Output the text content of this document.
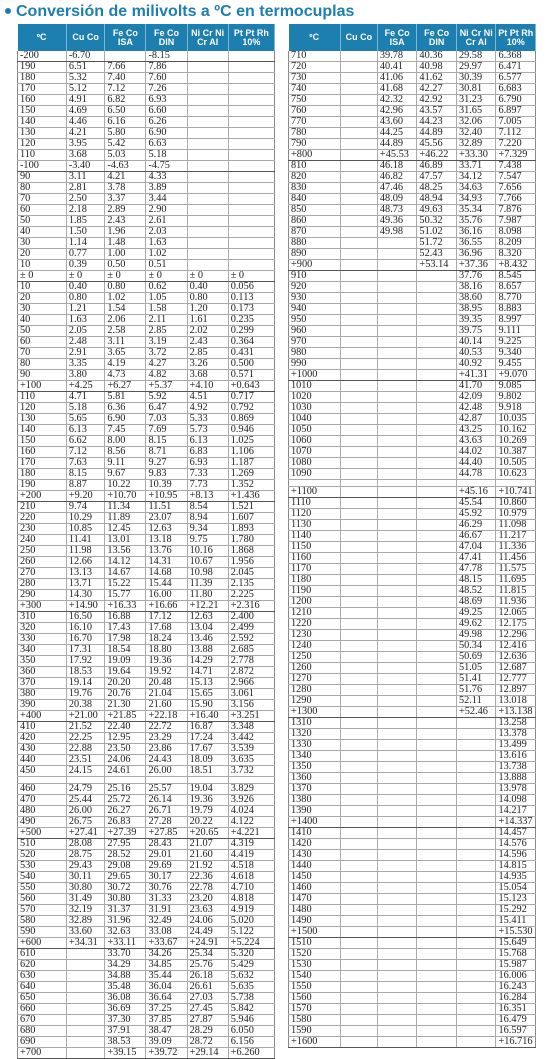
Conversión de milivolts a ºC en termocuplas
ºC	Cu Co	Fe Co ISA	Fe Co DIN	Ni Cr Ni Cr Al	Pt Pt Rh 10%
-200	-6.70		-8.15		
190	6.51	7.66	7.86		
180	5.32	7.40	7.60		
170	5.12	7.12	7.26		
160	4.91	6.82	6.93		
150	4.69	6.50	6.60		
140	4.46	6.16	6.26		
130	4.21	5.80	6.90		
120	3.95	5.42	6.63		
110	3.68	5.03	5.18		
-100	-3.40	-4.63	-4.75		
90	3.11	4.21	4.33		
80	2.81	3.78	3.89		
70	2.50	3.37	3.44		
60	2.18	2.89	2.90		
50	1.85	2.43	2.61		
40	1.50	1.96	2.03		
30	1.14	1.48	1.63		
20	0.77	1.00	1.02		
10	0.39	0.50	0.51		
± 0	± 0	± 0	± 0	± 0	± 0
10	0.40	0.80	0.62	0.40	0.056
20	0.80	1.02	1.05	0.80	0.113
30	1.21	1.54	1.58	1.20	0.173
40	1.63	2.06	2.11	1.61	0.235
50	2.05	2.58	2.85	2.02	0.299
60	2.48	3.11	3.19	2.43	0.364
70	2.91	3.65	3.72	2.85	0.431
80	3.35	4.19	4.27	3.26	0.500
90	3.80	4.73	4.82	3.68	0.571
+100	+4.25	+6.27	+5.37	+4.10	+0.643
110	4.71	5.81	5.92	4.51	0.717
120	5.18	6.36	6.47	4.92	0.792
130	5.65	6.90	7.03	5.33	0.869
140	6.13	7.45	7.69	5.73	0.946
150	6.62	8.00	8.15	6.13	1.025
160	7.12	8.56	8.71	6.83	1.106
170	7.63	9.11	9.27	6.93	1.187
180	8.15	9.67	9.83	7.33	1.269
190	8.87	10.22	10.39	7.73	1.352
+200	+9.20	+10.70	+10.95	+8.13	+1.436
210	9.74	11.34	11.51	8.54	1.521
220	10.29	11.89	23.07	8.94	1.607
230	10.85	12.45	12.63	9.34	1.893
240	11.41	13.01	13.18	9.75	1.780
250	11.98	13.56	13.76	10.16	1.868
260	12.66	14.12	14.31	10.67	1.956
270	13.13	14.67	14.68	10.98	2.045
280	13.71	15.22	15.44	11.39	2.135
290	14.30	15.77	16.00	11.80	2.225
+300	+14.90	+16.33	+16.66	+12.21	+2.316
310	16.50	16.88	17.12	12.63	2.400
320	16.10	17.43	17.68	13.04	2.499
330	16.70	17.98	18.24	13.46	2.592
340	17.31	18.54	18.80	13.88	2.685
350	17.92	19.09	19.36	14.29	2.778
360	18.53	19.64	19.92	14.71	2.872
370	19.14	20.20	20.48	15.13	2.966
380	19.76	20.76	21.04	15.65	3.061
390	20.38	21.30	21.60	15.90	3.156
+400	+21.00	+21.85	+22.18	+16.40	+3.251
410	21.52	22.40	22.72	16.87	3.348
420	22.25	12.95	23.29	17.24	3.442
430	22.88	23.50	23.86	17.67	3.539
440	23.51	24.06	24.43	18.09	3.635
450	24.15	24.61	26.00	18.51	3.732

460	24.79	25.16	25.57	19.04	3.829
470	25.44	25.72	26.14	19.36	3.926
480	26.00	26.27	26.71	19.79	4.024
490	26.75	26.83	27.28	20.22	4.122
+500	+27.41	+27.39	+27.85	+20.65	+4.221
510	28.08	27.95	28.43	21.07	4.319
520	28.75	28.52	29.01	21.60	4.419
530	29.43	29.08	29.69	21.92	4.518
540	30.11	29.65	30.17	22.36	4.618
550	30.80	30.72	30.76	22.78	4.710
560	31.49	30.80	31.33	23.20	4.818
570	32.19	31.37	31.91	23.63	4.919
580	32.89	31.96	32.49	24.06	5.020
590	33.60	32.63	33.08	24.49	5.122
+600	+34.31	+33.11	+33.67	+24.91	+5.224
610		33.70	34.26	25.34	5.320
620		34.29	34.85	25.76	5.429
630		34.88	35.44	26.18	5.632
640		35.48	36.04	26.61	5.635
650		36.08	36.64	27.03	5.738
660		36.69	37.25	27.45	5.842
670		37.30	37.85	27.87	5.946
680		37.91	38.47	28.29	6.050
690		38.53	39.09	28.72	6.156
+700		+39.15	+39.72	+29.14	+6.260
ºC	Cu Co	Fe Co ISA	Fe Co DIN	Ni Cr Ni Cr Al	Pt Pt Rh 10%
710		39.78	40.36	29.58	6.368
720		40.41	40.98	29.97	6.471
730		41.06	41.62	30.39	6.577
740		41.68	42.27	30.81	6.683
750		42.32	42.92	31.23	6.790
760		42.96	43.57	31.65	6.897
770		43.60	44.23	32.06	7.005
780		44.25	44.89	32.40	7.112
790		44.89	45.56	32.89	7.220
+800		+45.53	+46.22	+33.30	+7.329
810		46.18	46.89	33.71	7.438
820		46.82	47.57	34.12	7.547
830		47.46	48.25	34.63	7.656
840		48.09	48.94	34.93	7.766
850		48.73	49.63	35.34	7.876
860		49.36	50.32	35.76	7.987
870		49.98	51.02	36.16	8.098
880			51.72	36.55	8.209
890			52.43	36.96	8.320
+900			+53.14	+37.36	+8.432
910				37.76	8.545
920				38.16	8.657
930				38.60	8.770
940				38.95	8.883
950				39.35	8.997
960				39.75	9.111
970				40.14	9.225
980				40.53	9.340
990				40.92	9.455
+1000				+41.31	+9.070
1010				41.70	9.085
1020				42.09	9.802
1030				42.48	9.918
1040				42.87	10.035
1050				43.25	10.162
1060				43.63	10.269
1070				44.02	10.387
1080				44.40	10.505
1090				44.78	10.623

+1100				+45.16	+10.741
1110				45.54	10.860
1120				45.92	10.979
1130				46.29	11.098
1140				46.67	11.217
1150				47.04	11.336
1160				47.41	11.456
1170				47.78	11.575
1180				48.15	11.695
1190				48.52	11.815
1200				48.69	11.936
1210				49.25	12.065
1220				49.62	12.175
1230				49.98	12.296
1240				50.34	12.416
1250				50.69	12.636
1260				51.05	12.687
1270				51.41	12.777
1280				51.76	12.897
1290				52.11	13.018
+1300				+52.46	+13.138
1310					13.258
1320					13.378
1330					13.499
1340					13.616
1350					13.738
1360					13.888
1370					13.978
1380					14.098
1390					14.217
+1400					+14.337
1410					14.457
1420					14.576
1430					14.596
1440					14.815
1450					14.935
1460					15.054
1470					15.123
1480					15.292
1490					15.411
+1500					+15.530
1510					15.649
1520					15.768
1530					15.987
1540					16.006
1550					16.243
1560					16.284
1570					16.351
1580					16.479
1590					16.597
+1600					+16.716
